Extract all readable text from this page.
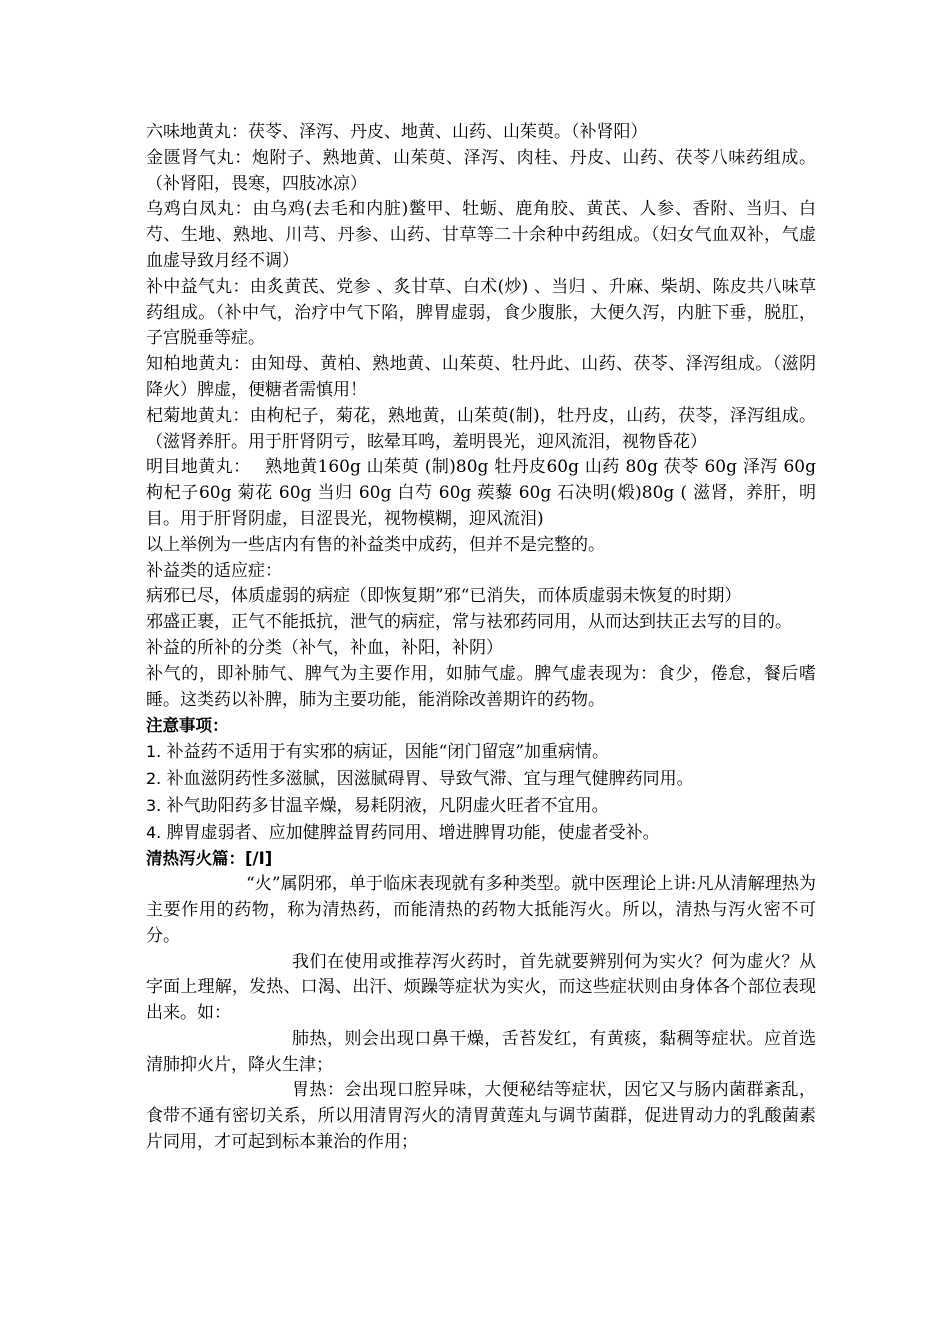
六味地黄丸：茯苓、泽泻、丹皮、地黄、山药、山茱萸。（补肾阳）

金匮肾气丸：炮附子、熟地黄、山茱萸、泽泻、肉桂、丹皮、山药、茯苓八味药组成。（补肾阳，畏寒，四肢冰凉）

乌鸡白凤丸：由乌鸡(去毛和内脏)鳖甲、牡蛎、鹿角胶、黄芪、人参、香附、当归、白芍、生地、熟地、川芎、丹参、山药、甘草等二十余种中药组成。（妇女气血双补，气虚血虚导致月经不调）

补中益气丸：由炙黄芪、党参 、炙甘草、白术(炒) 、当归 、升麻、柴胡、陈皮共八味草药组成。（补中气，治疗中气下陷，脾胃虚弱，食少腹胀，大便久泻，内脏下垂，脱肛，子宫脱垂等症。

知柏地黄丸：由知母、黄柏、熟地黄、山茱萸、牡丹此、山药、茯苓、泽泻组成。（滋阴降火）脾虚，便糖者需慎用！

杞菊地黄丸：由枸杞子，菊花，熟地黄，山茱萸(制)，牡丹皮，山药，茯苓，泽泻组成。（滋肾养肝。用于肝肾阴亏，眩晕耳鸣，羞明畏光，迎风流泪，视物昏花）

明目地黄丸：　 熟地黄160g 山茱萸 (制)80g 牡丹皮60g 山药 80g 茯苓 60g 泽泻 60g 枸杞子60g 菊花 60g 当归 60g 白芍 60g 蒺藜 60g 石决明(煅)80g ( 滋肾，养肝，明目。用于肝肾阴虚，目涩畏光，视物模糊，迎风流泪)

以上举例为一些店内有售的补益类中成药，但并不是完整的。

补益类的适应症：

病邪已尽，体质虚弱的病症（即恢复期”邪“已消失，而体质虚弱未恢复的时期）

邪盛正裹，正气不能抵抗，泄气的病症，常与袪邪药同用，从而达到扶正去写的目的。

补益的所补的分类（补气，补血，补阳，补阴）

补气的，即补肺气、脾气为主要作用，如肺气虚。脾气虚表现为：食少，倦怠，餐后嗜睡。这类药以补脾，肺为主要功能，能消除改善期许的药物。

注意事项：

1. 补益药不适用于有实邪的病证，因能“闭门留寇”加重病情。

2. 补血滋阴药性多滋腻，因滋腻碍胃、导致气滞、宜与理气健脾药同用。

3. 补气助阳药多甘温辛燥，易耗阴液，凡阴虚火旺者不宜用。

4. 脾胃虚弱者、应加健脾益胃药同用、增进脾胃功能，使虚者受补。

清热泻火篇：[/I]

“火”属阴邪，单于临床表现就有多种类型。就中医理论上讲:凡从清解理热为主要作用的药物，称为清热药，而能清热的药物大抵能泻火。所以，清热与泻火密不可分。

我们在使用或推荐泻火药时，首先就要辨别何为实火？何为虚火？从字面上理解，发热、口渴、出汗、烦躁等症状为实火，而这些症状则由身体各个部位表现出来。如：

肺热，则会出现口鼻干燥，舌苔发红，有黄痰，黏稠等症状。应首选清肺抑火片，降火生津；

胃热：会出现口腔异味，大便秘结等症状，因它又与肠内菌群紊乱，食带不通有密切关系，所以用清胃泻火的清胃黄莲丸与调节菌群，促进胃动力的乳酸菌素片同用，才可起到标本兼治的作用；
